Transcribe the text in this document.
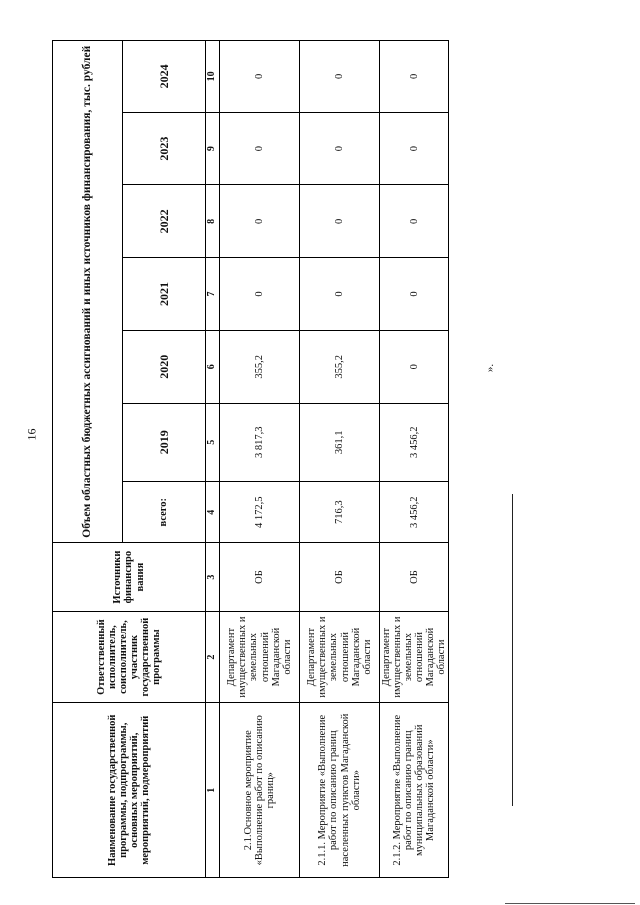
16
Наименование государственной программы, подпрограммы, основных мероприятий, мероприятий, подмероприятий	Ответственный исполнитель, соисполнитель, участник государственной программы	Источники финансиро вания	Объем областных бюджетных ассигнований и иных источников финансирования, тыс. рублей						
			всего:	2019	2020	2021	2022	2023	2024
1	2	3	4	5	6	7	8	9	10
2.1.Основное мероприятие «Выполнение работ по описанию границ»	Департамент имущественных и земельных отношений Магаданской области	ОБ	4 172,5	3 817,3	355,2	0	0	0	0
2.1.1. Мероприятие «Выполнение работ по описанию границ населенных пунктов Магаданской области»	Департамент имущественных и земельных отношений Магаданской области	ОБ	716,3	361,1	355,2	0	0	0	0
2.1.2. Мероприятие «Выполнение работ по описанию границ муниципальных образований Магаданской области»	Департамент имущественных и земельных отношений Магаданской области	ОБ	3 456,2	3 456,2	0	0	0	0	0
».
